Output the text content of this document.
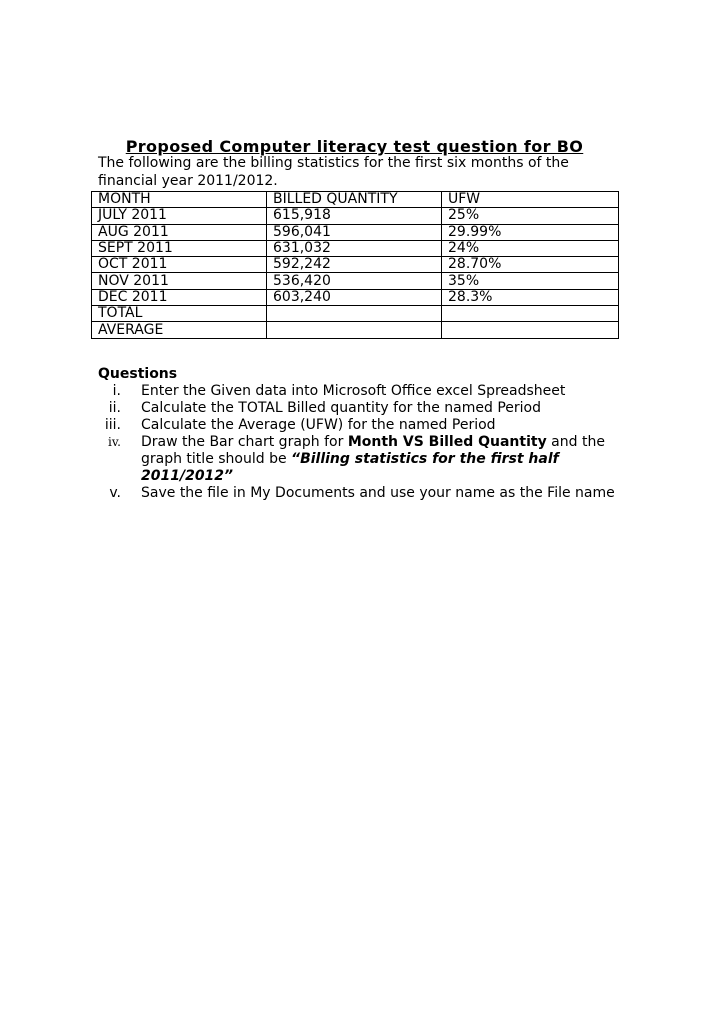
Proposed Computer literacy test question for BO
The following are the billing statistics for the first six months of the
financial year 2011/2012.
MONTH	BILLED QUANTITY	UFW
JULY 2011	615,918	25%
AUG 2011	596,041	29.99%
SEPT 2011	631,032	24%
OCT 2011	592,242	28.70%
NOV 2011	536,420	35%
DEC 2011	603,240	28.3%
TOTAL		
AVERAGE		
Questions
i. Enter the Given data into Microsoft Office excel Spreadsheet
ii. Calculate the TOTAL Billed quantity for the named Period
iii. Calculate the Average (UFW) for the named Period
iv. Draw the Bar chart graph for Month VS Billed Quantity and the graph title should be “Billing statistics for the first half 2011/2012”
v. Save the file in My Documents and use your name as the File name
